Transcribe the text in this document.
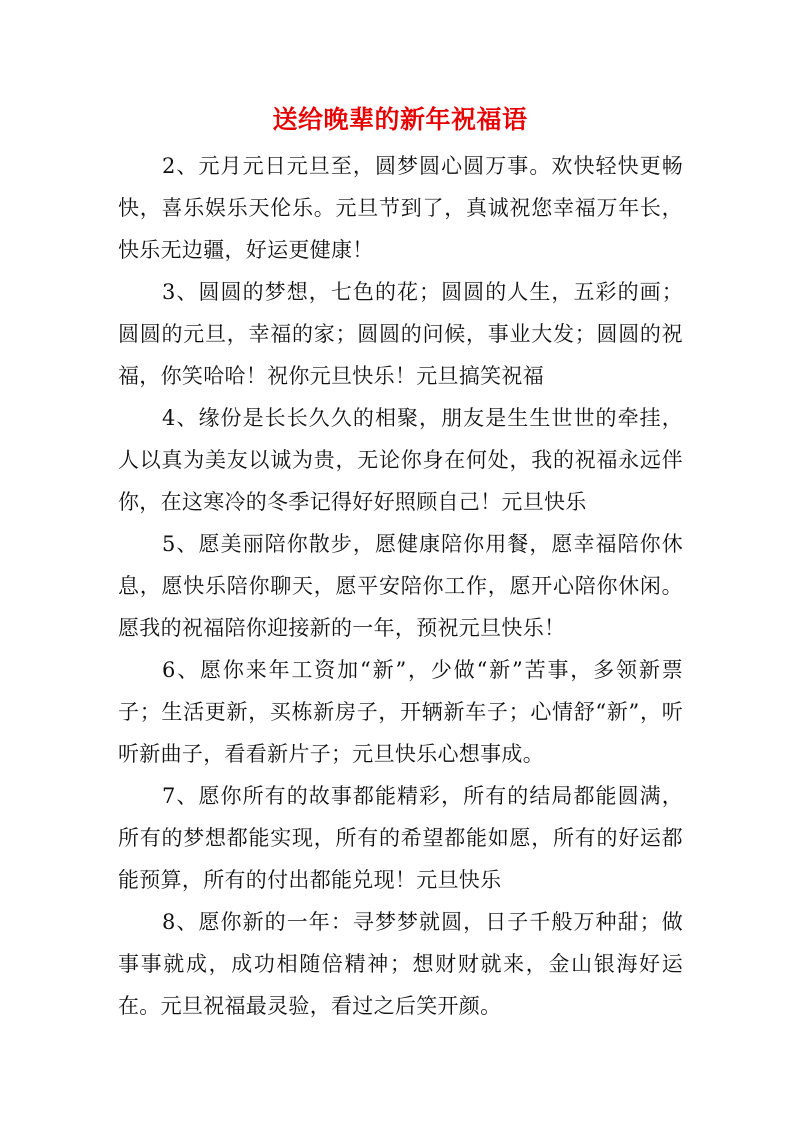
送给晚辈的新年祝福语

2、元月元日元旦至，圆梦圆心圆万事。欢快轻快更畅快，喜乐娱乐天伦乐。元旦节到了，真诚祝您幸福万年长，快乐无边疆，好运更健康！

3、圆圆的梦想，七色的花；圆圆的人生，五彩的画；圆圆的元旦，幸福的家；圆圆的问候，事业大发；圆圆的祝福，你笑哈哈！祝你元旦快乐！元旦搞笑祝福

4、缘份是长长久久的相聚，朋友是生生世世的牵挂，人以真为美友以诚为贵，无论你身在何处，我的祝福永远伴你，在这寒冷的冬季记得好好照顾自己！元旦快乐

5、愿美丽陪你散步，愿健康陪你用餐，愿幸福陪你休息，愿快乐陪你聊天，愿平安陪你工作，愿开心陪你休闲。愿我的祝福陪你迎接新的一年，预祝元旦快乐！

6、愿你来年工资加“新”，少做“新”苦事，多领新票子；生活更新，买栋新房子，开辆新车子；心情舒“新”，听听新曲子，看看新片子；元旦快乐心想事成。

7、愿你所有的故事都能精彩，所有的结局都能圆满，所有的梦想都能实现，所有的希望都能如愿，所有的好运都能预算，所有的付出都能兑现！元旦快乐

8、愿你新的一年：寻梦梦就圆，日子千般万种甜；做事事就成，成功相随倍精神；想财财就来，金山银海好运在。元旦祝福最灵验，看过之后笑开颜。
